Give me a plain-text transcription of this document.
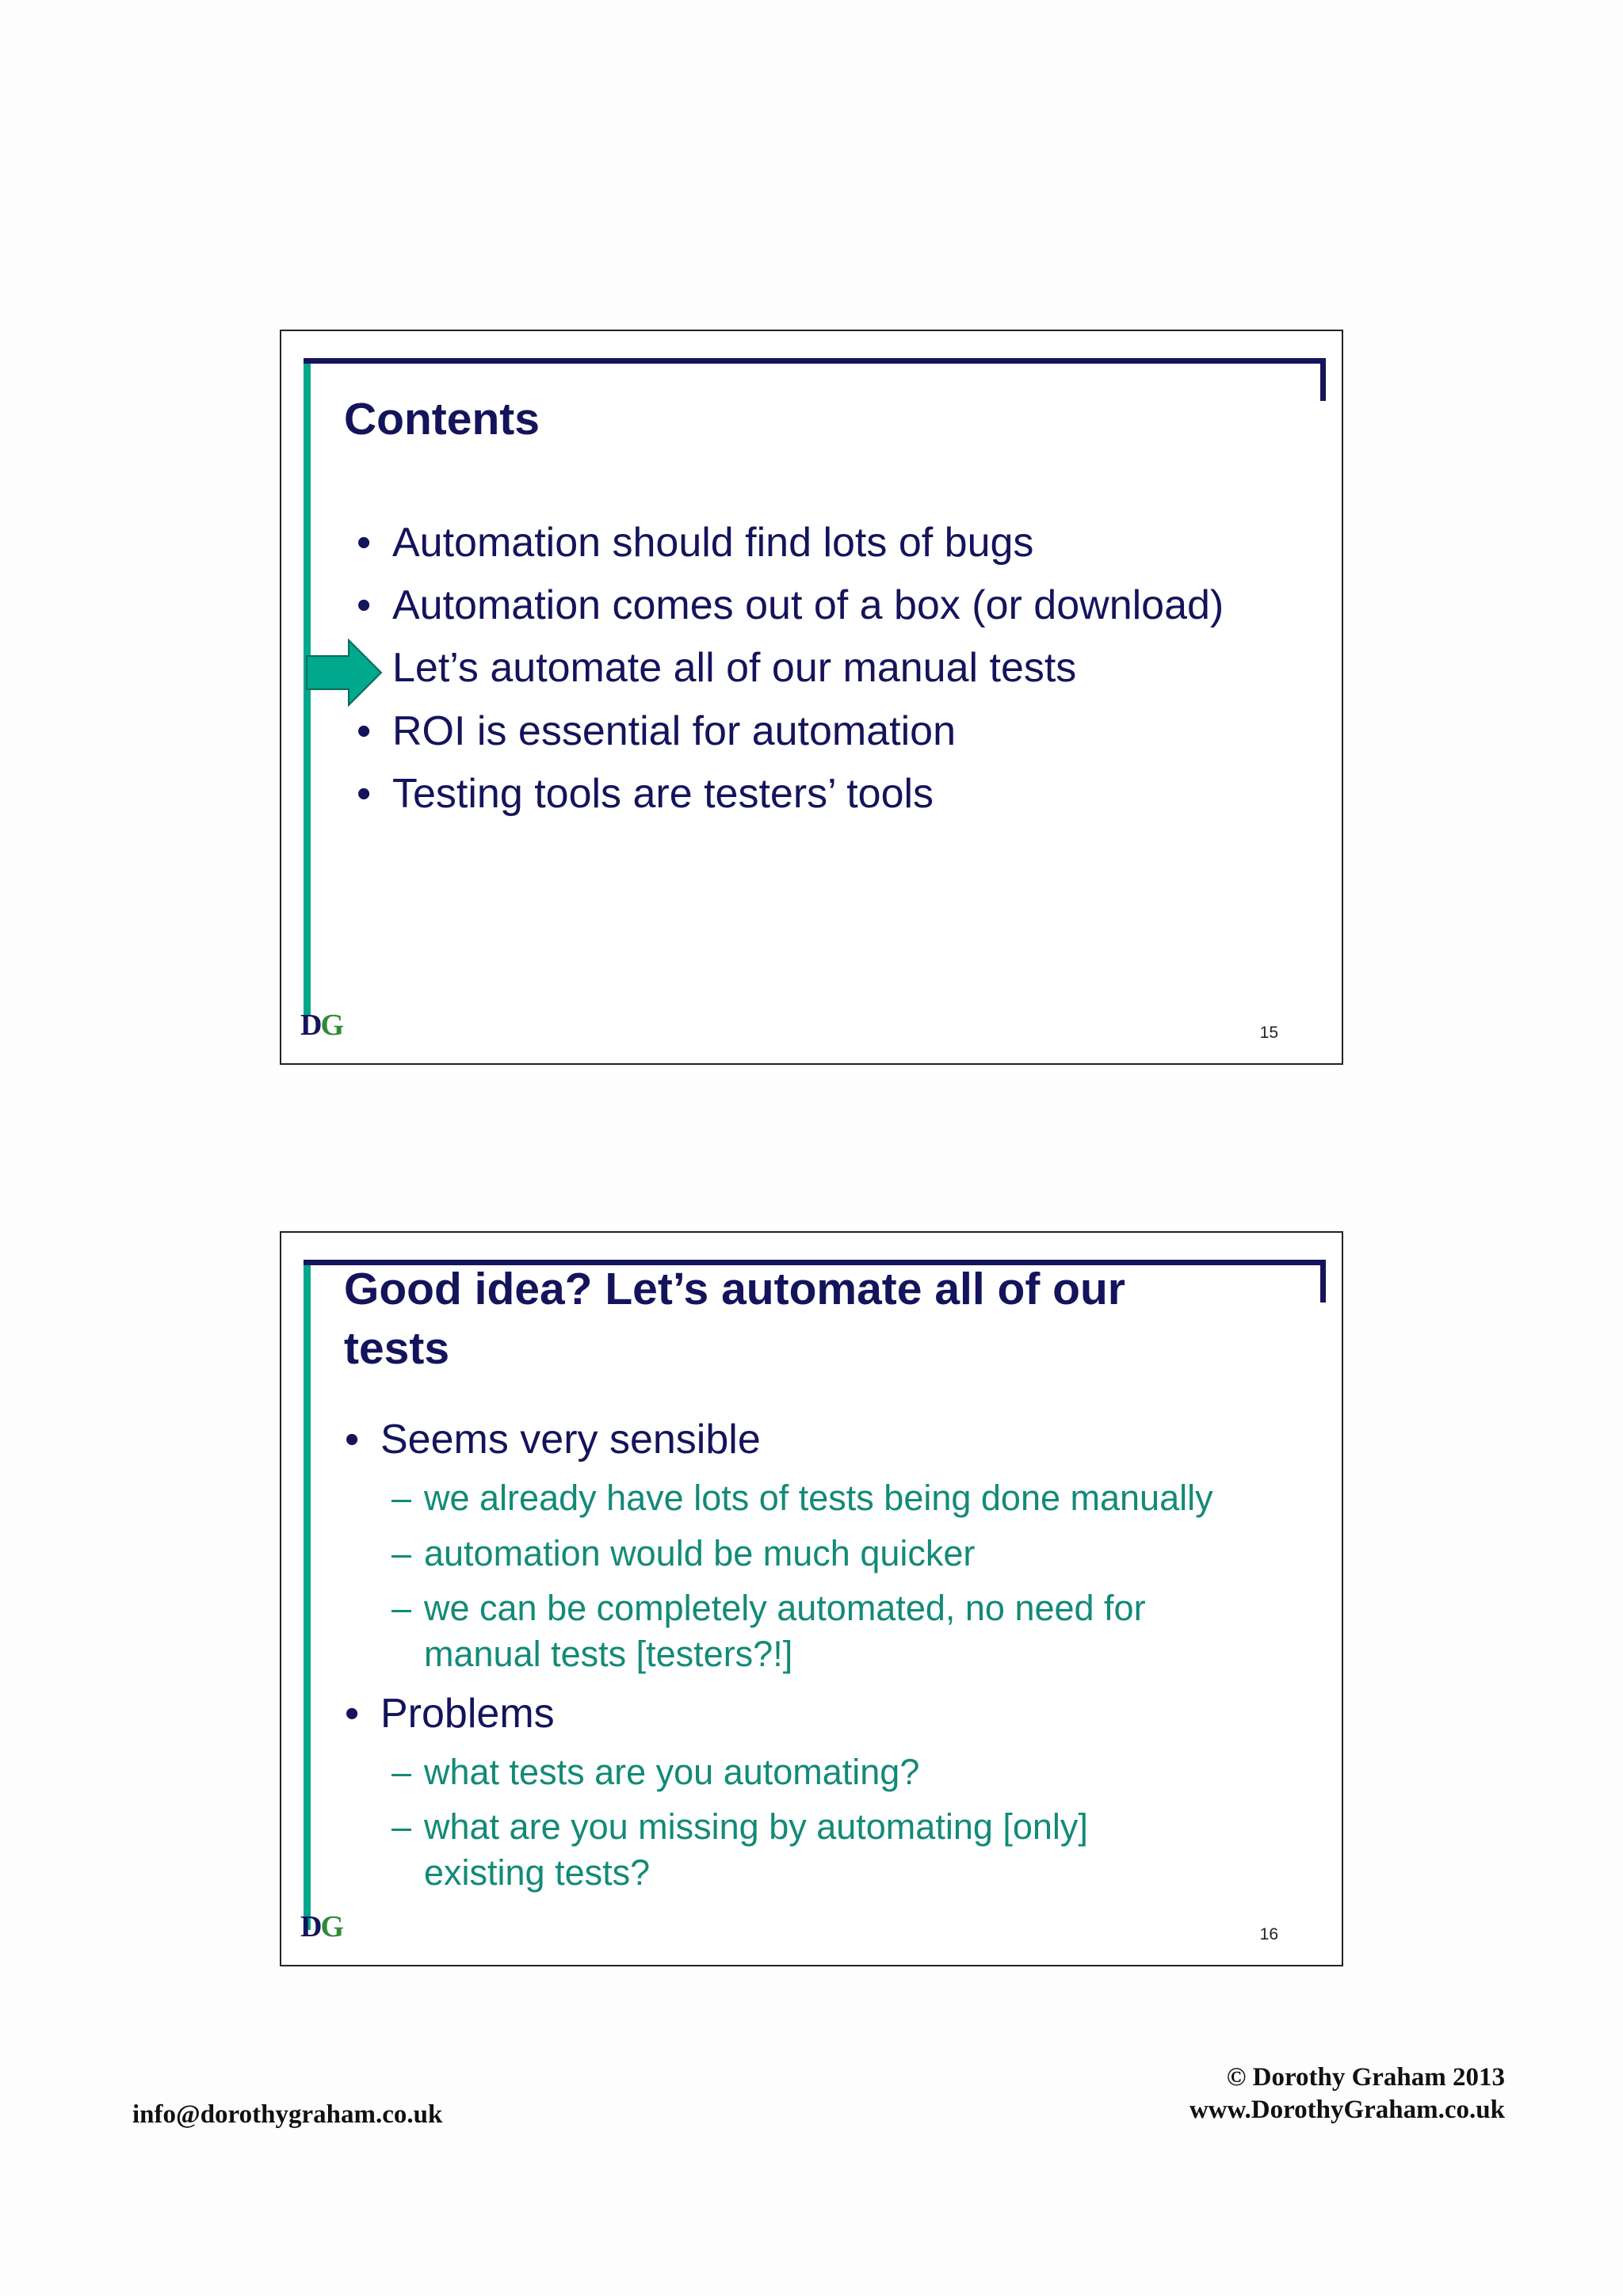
Contents
• Automation should find lots of bugs
• Automation comes out of a box (or download)
Let’s automate all of our manual tests
• ROI is essential for automation
• Testing tools are testers’ tools
DG	15
Good idea? Let’s automate all of our
tests
• Seems very sensible
– we already have lots of tests being done manually
– automation would be much quicker
– we can be completely automated, no need for manual tests [testers?!]
• Problems
– what tests are you automating?
– what are you missing by automating [only] existing tests?
DG	16
info@dorothygraham.co.uk
© Dorothy Graham 2013
www.DorothyGraham.co.uk
